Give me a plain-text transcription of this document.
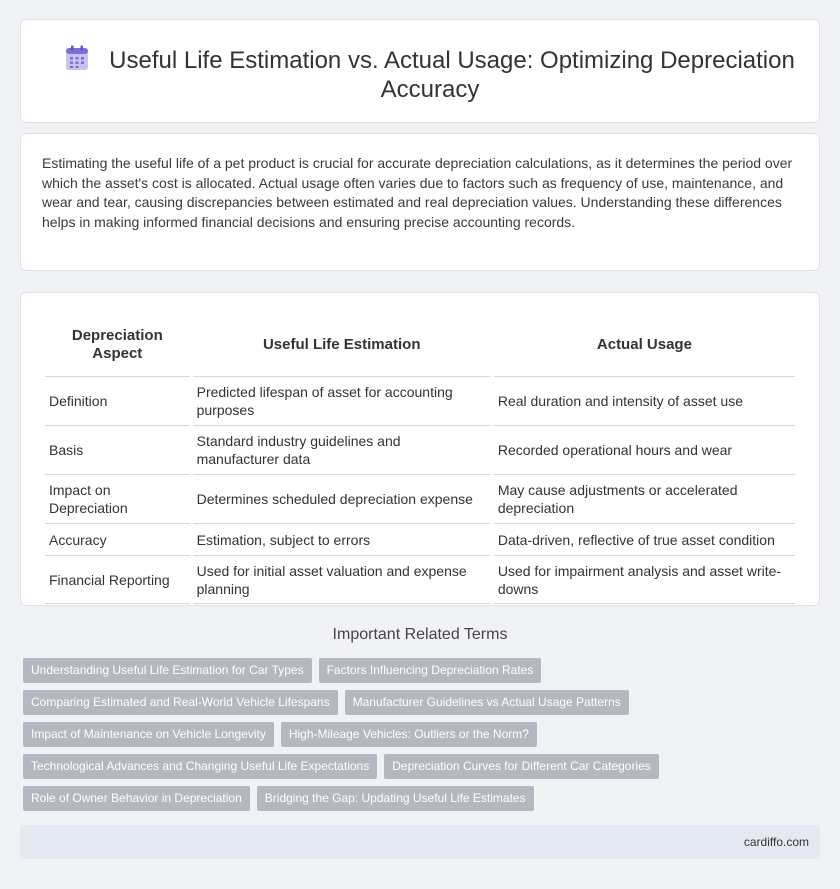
Useful Life Estimation vs. Actual Usage: Optimizing Depreciation Accuracy

Estimating the useful life of a pet product is crucial for accurate depreciation calculations, as it determines the period over which the asset's cost is allocated. Actual usage often varies due to factors such as frequency of use, maintenance, and wear and tear, causing discrepancies between estimated and real depreciation values. Understanding these differences helps in making informed financial decisions and ensuring precise accounting records.

Depreciation Aspect	Useful Life Estimation	Actual Usage
Definition	Predicted lifespan of asset for accounting purposes	Real duration and intensity of asset use
Basis	Standard industry guidelines and manufacturer data	Recorded operational hours and wear
Impact on Depreciation	Determines scheduled depreciation expense	May cause adjustments or accelerated depreciation
Accuracy	Estimation, subject to errors	Data-driven, reflective of true asset condition
Financial Reporting	Used for initial asset valuation and expense planning	Used for impairment analysis and asset write-downs
Important Related Terms
Understanding Useful Life Estimation for Car Types Factors Influencing Depreciation Rates
Comparing Estimated and Real-World Vehicle Lifespans Manufacturer Guidelines vs Actual Usage Patterns
Impact of Maintenance on Vehicle Longevity High-Mileage Vehicles: Outliers or the Norm?
Technological Advances and Changing Useful Life Expectations Depreciation Curves for Different Car Categories
Role of Owner Behavior in Depreciation Bridging the Gap: Updating Useful Life Estimates
cardiffo.com
